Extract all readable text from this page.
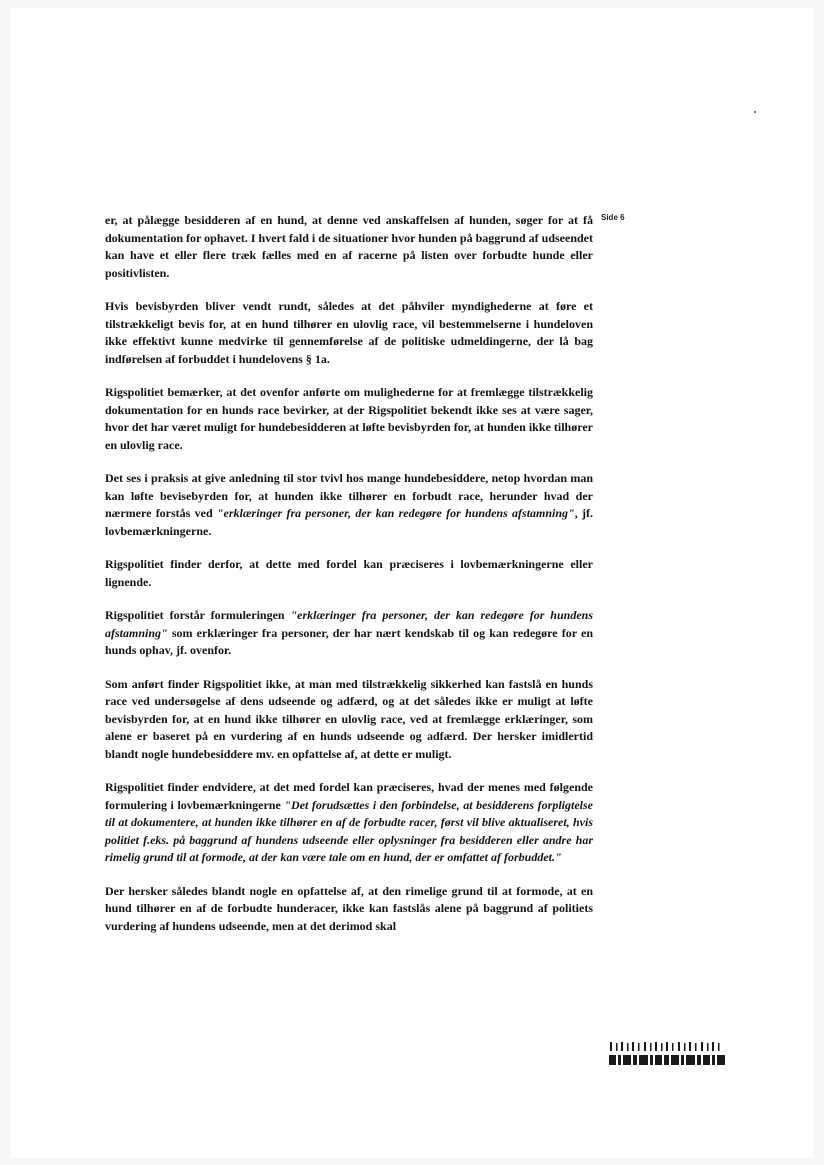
Side 6

er, at pålægge besidderen af en hund, at denne ved anskaffelsen af hunden, søger for at få dokumentation for ophavet. I hvert fald i de situationer hvor hunden på baggrund af udseendet kan have et eller flere træk fælles med en af racerne på listen over forbudte hunde eller positivlisten.

Hvis bevisbyrden bliver vendt rundt, således at det påhviler myndighederne at føre et tilstrækkeligt bevis for, at en hund tilhører en ulovlig race, vil bestemmelserne i hundeloven ikke effektivt kunne medvirke til gennemførelse af de politiske udmeldingerne, der lå bag indførelsen af forbuddet i hundelovens § 1a.

Rigspolitiet bemærker, at det ovenfor anførte om mulighederne for at fremlægge tilstrækkelig dokumentation for en hunds race bevirker, at der Rigspolitiet bekendt ikke ses at være sager, hvor det har været muligt for hundebesidderen at løfte bevisbyrden for, at hunden ikke tilhører en ulovlig race.

Det ses i praksis at give anledning til stor tvivl hos mange hundebesiddere, netop hvordan man kan løfte bevisebyrden for, at hunden ikke tilhører en forbudt race, herunder hvad der nærmere forstås ved "erklæringer fra personer, der kan redegøre for hundens afstamning", jf. lovbemærkningerne.

Rigspolitiet finder derfor, at dette med fordel kan præciseres i lovbemærkningerne eller lignende.

Rigspolitiet forstår formuleringen "erklæringer fra personer, der kan redegøre for hundens afstamning" som erklæringer fra personer, der har nært kendskab til og kan redegøre for en hunds ophav, jf. ovenfor.

Som anført finder Rigspolitiet ikke, at man med tilstrækkelig sikkerhed kan fastslå en hunds race ved undersøgelse af dens udseende og adfærd, og at det således ikke er muligt at løfte bevisbyrden for, at en hund ikke tilhører en ulovlig race, ved at fremlægge erklæringer, som alene er baseret på en vurdering af en hunds udseende og adfærd. Der hersker imidlertid blandt nogle hundebesiddere mv. en opfattelse af, at dette er muligt.

Rigspolitiet finder endvidere, at det med fordel kan præciseres, hvad der menes med følgende formulering i lovbemærkningerne "Det forudsættes i den forbindelse, at besidderens forpligtelse til at dokumentere, at hunden ikke tilhører en af de forbudte racer, først vil blive aktualiseret, hvis politiet f.eks. på baggrund af hundens udseende eller oplysninger fra besidderen eller andre har rimelig grund til at formode, at der kan være tale om en hund, der er omfattet af forbuddet."

Der hersker således blandt nogle en opfattelse af, at den rimelige grund til at formode, at en hund tilhører en af de forbudte hunderacer, ikke kan fastslås alene på baggrund af politiets vurdering af hundens udseende, men at det derimod skal
